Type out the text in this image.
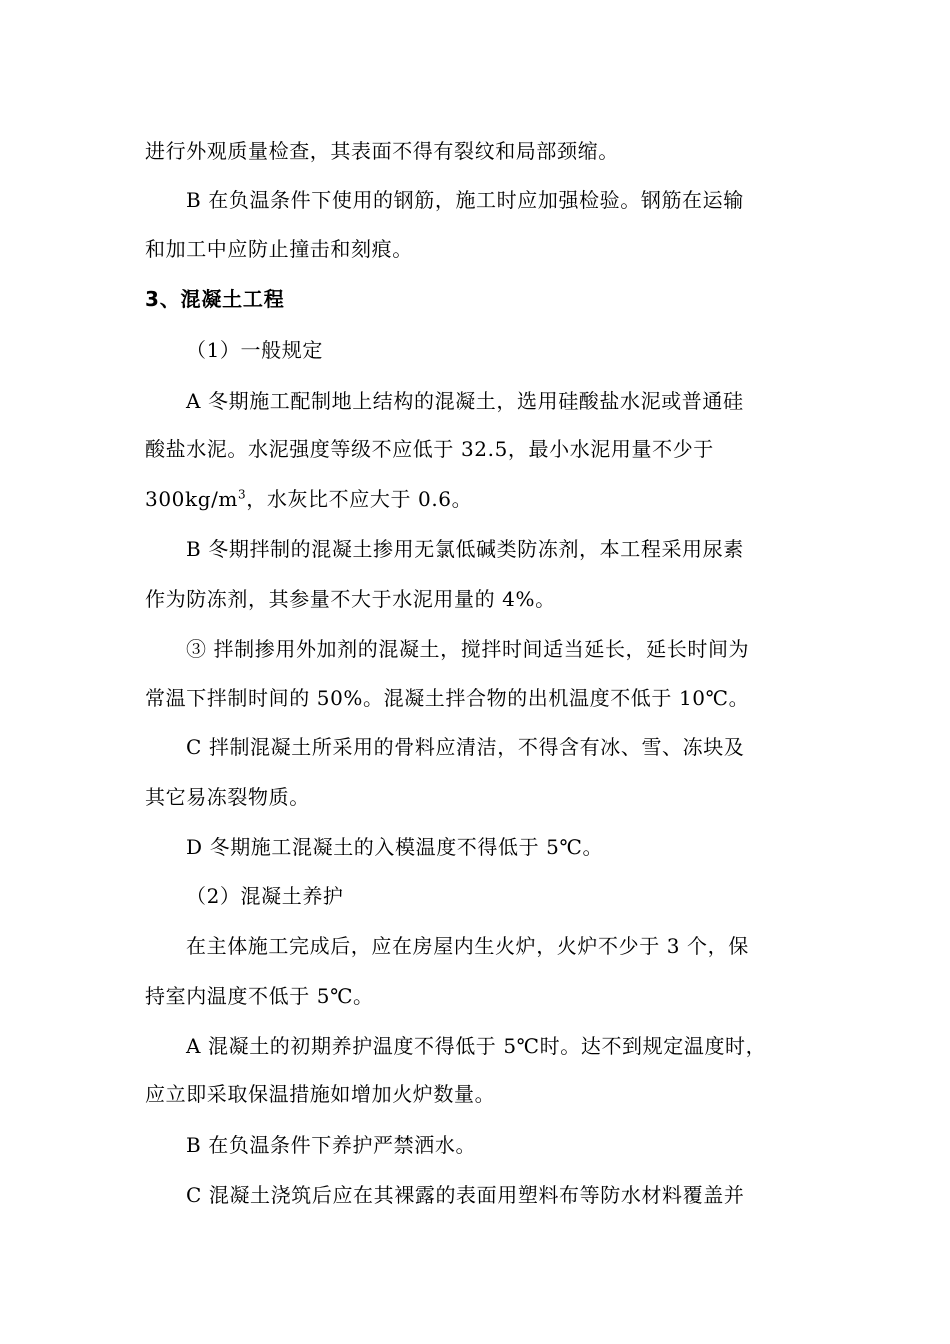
进行外观质量检查，其表面不得有裂纹和局部颈缩。
B 在负温条件下使用的钢筋，施工时应加强检验。钢筋在运输
和加工中应防止撞击和刻痕。
3、混凝土工程
（1）一般规定
A 冬期施工配制地上结构的混凝土，选用硅酸盐水泥或普通硅
酸盐水泥。水泥强度等级不应低于 32.5，最小水泥用量不少于
$300kg/m^3$，水灰比不应大于 0.6。
B 冬期拌制的混凝土掺用无氯低碱类防冻剂，本工程采用尿素
作为防冻剂，其参量不大于水泥用量的 4%。
③ 拌制掺用外加剂的混凝土，搅拌时间适当延长，延长时间为
常温下拌制时间的 50%。混凝土拌合物的出机温度不低于 10℃。
C 拌制混凝土所采用的骨料应清洁，不得含有冰、雪、冻块及
其它易冻裂物质。
D 冬期施工混凝土的入模温度不得低于 5℃。
（2）混凝土养护
在主体施工完成后，应在房屋内生火炉，火炉不少于 3 个，保
持室内温度不低于 5℃。
A 混凝土的初期养护温度不得低于 5℃时。达不到规定温度时，
应立即采取保温措施如增加火炉数量。
B 在负温条件下养护严禁洒水。
C 混凝土浇筑后应在其裸露的表面用塑料布等防水材料覆盖并
